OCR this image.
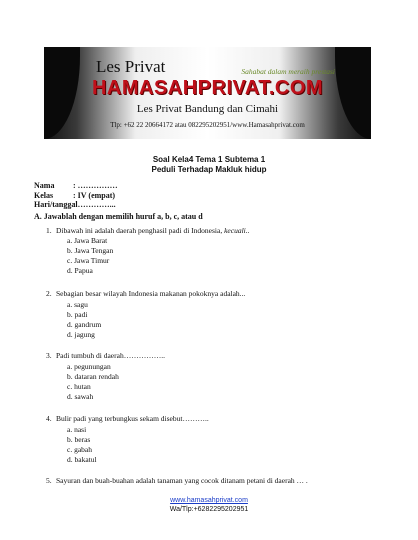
Les Privat	Sahabat dalam meraih prestasi
HAMASAHPRIVAT.COM
Les Privat Bandung dan Cimahi
Tlp: +62 22 20664172 atau 082295202951/www.Hamasahprivat.com
Soal Kela4 Tema 1 Subtema 1
Peduli Terhadap Makluk hidup
Nama : ……………
Kelas : IV (empat)
Hari/tanggal : …………...
A. Jawablah dengan memilih huruf a, b, c, atau d
1. Dibawah ini adalah daerah penghasil padi di Indonesia, kecuali..
a. Jawa Barat
b. Jawa Tengan
c. Jawa Timur
d. Papua
2. Sebagian besar wilayah Indonesia makanan pokoknya adalah...
a. sagu
b. padi
d. gandrum
d. jagung
3. Padi tumbuh di daerah……………..
a. pegunungan
b. dataran rendah
c. hutan
d. sawah
4. Bulir padi yang terbungkus sekam disebut………..
a. nasi
b. beras
c. gabah
d. bakatul
5. Sayuran dan buah-buahan adalah tanaman yang cocok ditanam petani di daerah … .
www.hamasahprivat.com
Wa/Tlp:+6282295202951
